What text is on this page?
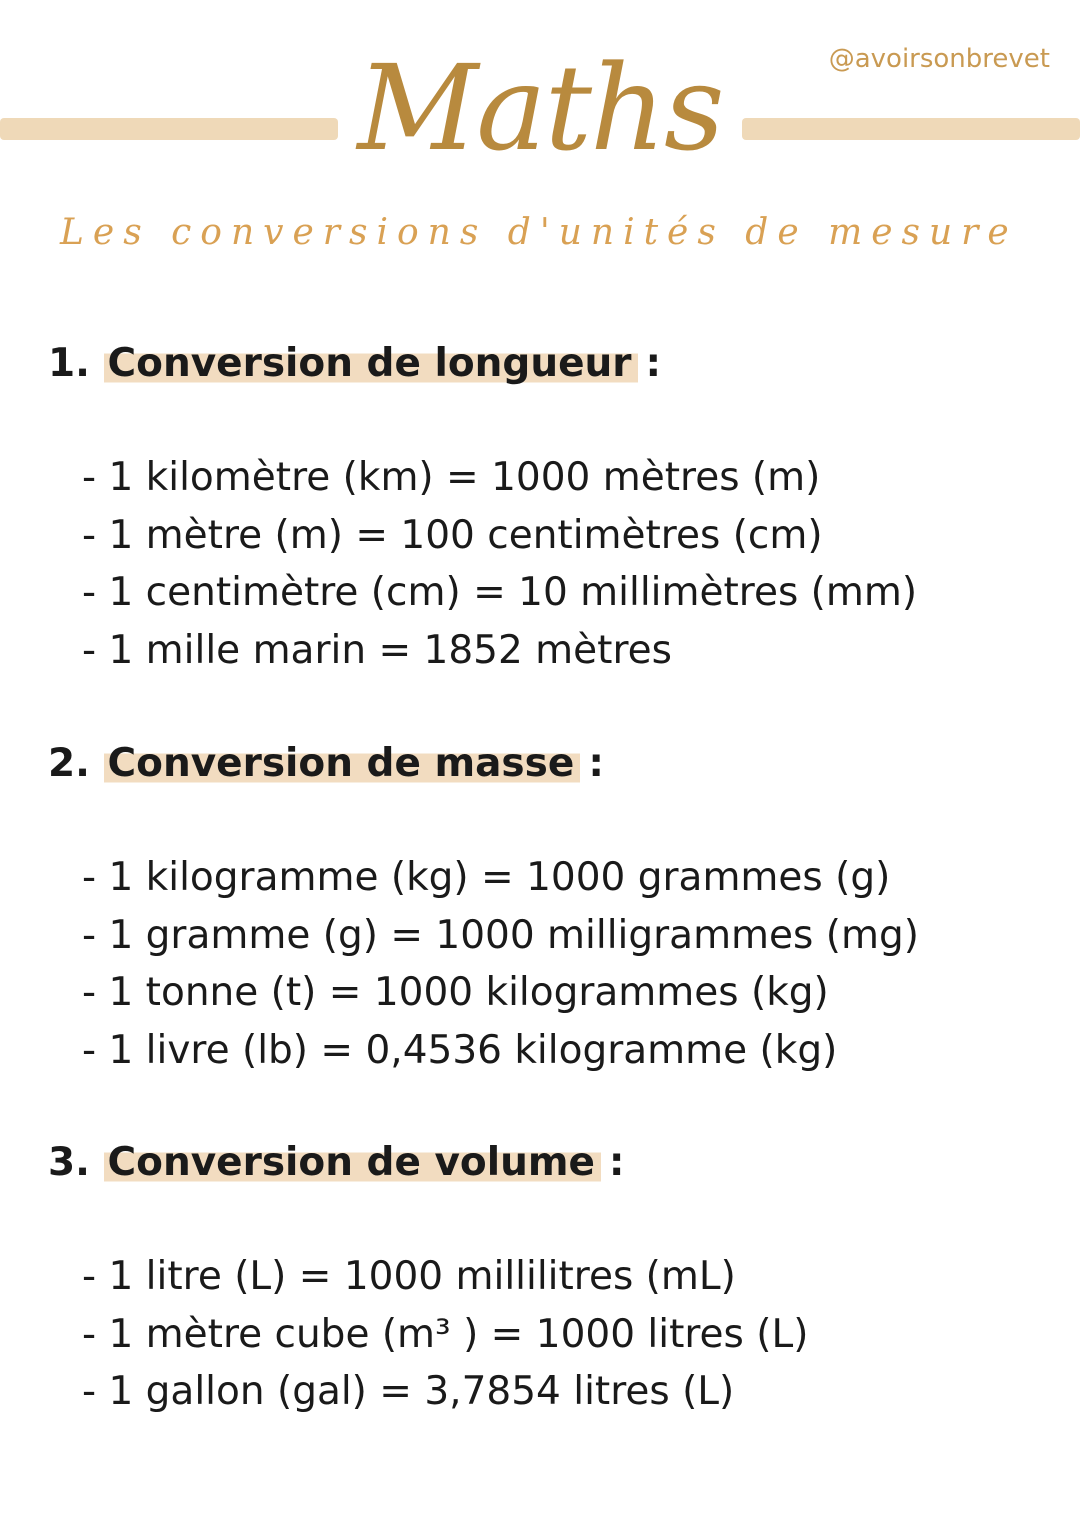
Maths	@avoirsonbrevet
Les conversions d'unités de mesure
1. Conversion de longueur :
- 1 kilomètre (km) = 1000 mètres (m)
- 1 mètre (m) = 100 centimètres (cm)
- 1 centimètre (cm) = 10 millimètres (mm)
- 1 mille marin = 1852 mètres
2. Conversion de masse :
- 1 kilogramme (kg) = 1000 grammes (g)
- 1 gramme (g) = 1000 milligrammes (mg)
- 1 tonne (t) = 1000 kilogrammes (kg)
- 1 livre (lb) = 0,4536 kilogramme (kg)
3. Conversion de volume :
- 1 litre (L) = 1000 millilitres (mL)
- 1 mètre cube (m³ ) = 1000 litres (L)
- 1 gallon (gal) = 3,7854 litres (L)
